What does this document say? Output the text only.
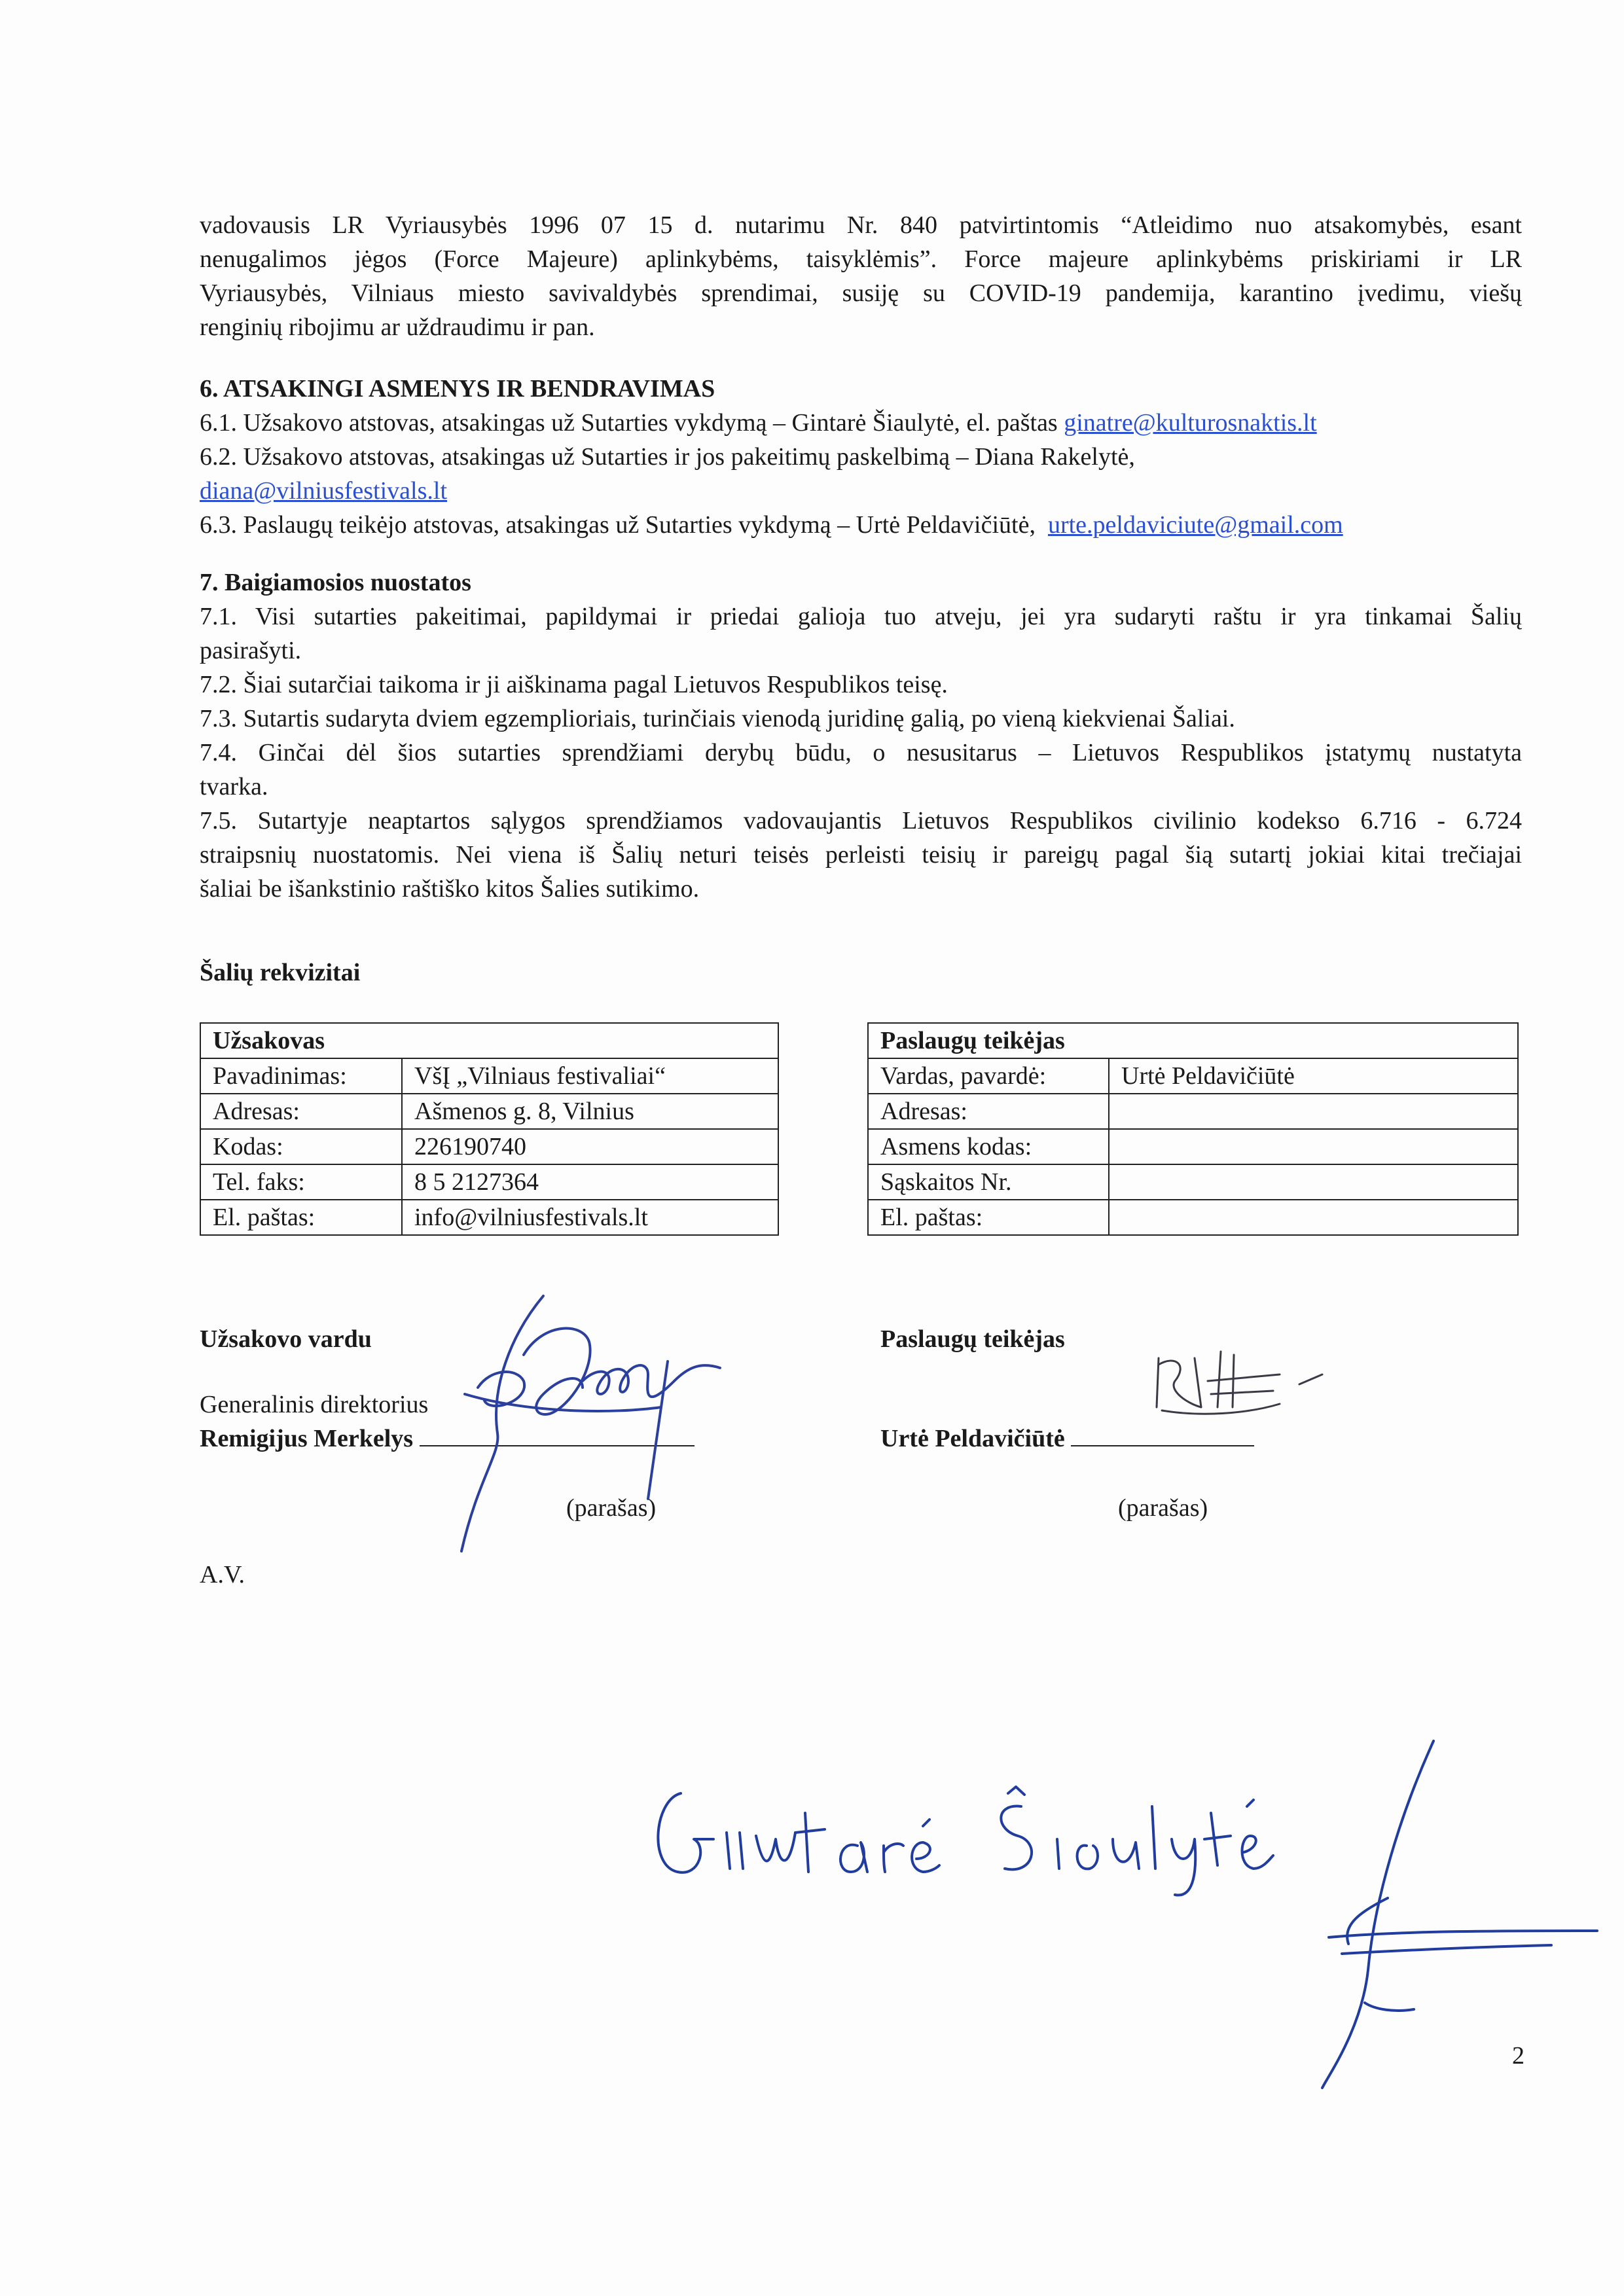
vadovausis LR Vyriausybės 1996 07 15 d. nutarimu Nr. 840 patvirtintomis “Atleidimo nuo atsakomybės, esant
nenugalimos jėgos (Force Majeure) aplinkybėms, taisyklėmis”. Force majeure aplinkybėms priskiriami ir LR
Vyriausybės, Vilniaus miesto savivaldybės sprendimai, susiję su COVID-19 pandemija, karantino įvedimu, viešų
renginių ribojimu ar uždraudimu ir pan.
6. ATSAKINGI ASMENYS IR BENDRAVIMAS
6.1. Užsakovo atstovas, atsakingas už Sutarties vykdymą – Gintarė Šiaulytė, el. paštas ginatre@kulturosnaktis.lt
6.2. Užsakovo atstovas, atsakingas už Sutarties ir jos pakeitimų paskelbimą – Diana Rakelytė,
diana@vilniusfestivals.lt
6.3. Paslaugų teikėjo atstovas, atsakingas už Sutarties vykdymą – Urtė Peldavičiūtė, urte.peldaviciute@gmail.com
7. Baigiamosios nuostatos
7.1. Visi sutarties pakeitimai, papildymai ir priedai galioja tuo atveju, jei yra sudaryti raštu ir yra tinkamai Šalių
pasirašyti.
7.2. Šiai sutarčiai taikoma ir ji aiškinama pagal Lietuvos Respublikos teisę.
7.3. Sutartis sudaryta dviem egzemplioriais, turinčiais vienodą juridinę galią, po vieną kiekvienai Šaliai.
7.4. Ginčai dėl šios sutarties sprendžiami derybų būdu, o nesusitarus – Lietuvos Respublikos įstatymų nustatyta
tvarka.
7.5. Sutartyje neaptartos sąlygos sprendžiamos vadovaujantis Lietuvos Respublikos civilinio kodekso 6.716 - 6.724
straipsnių nuostatomis. Nei viena iš Šalių neturi teisės perleisti teisių ir pareigų pagal šią sutartį jokiai kitai trečiajai
šaliai be išankstinio raštiško kitos Šalies sutikimo.
Šalių rekvizitai
Užsakovas	
Pavadinimas:	VšĮ „Vilniaus festivaliai“
Adresas:	Ašmenos g. 8, Vilnius
Kodas:	226190740
Tel. faks:	8 5 2127364
El. paštas:	info@vilniusfestivals.lt
Paslaugų teikėjas	
Vardas, pavardė:	Urtė Peldavičiūtė
Adresas:	
Asmens kodas:	
Sąskaitos Nr.	
El. paštas:	
Užsakovo vardu
Generalinis direktorius
Remigijus Merkelys
(parašas)
Paslaugų teikėjas
Urtė Peldavičiūtė
(parašas)
A.V.
2
